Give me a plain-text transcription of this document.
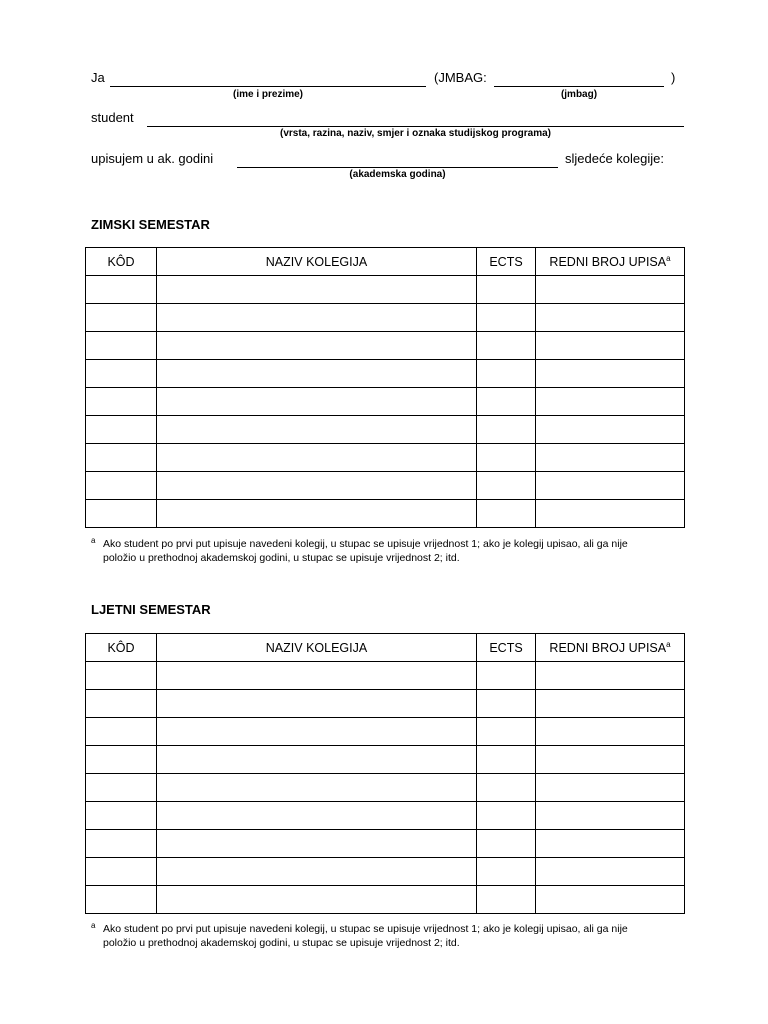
Ja	(JMBAG:	)
(ime i prezime)	(jmbag)
student
(vrsta, razina, naziv, smjer i oznaka studijskog programa)
upisujem u ak. godini	sljedeće kolegije:
(akademska godina)
ZIMSKI SEMESTAR
KÔD	NAZIV KOLEGIJA	ECTS	REDNI BROJ UPISA$^a$

a Ako student po prvi put upisuje navedeni kolegij, u stupac se upisuje vrijednost 1; ako je kolegij upisao, ali ga nije
položio u prethodnoj akademskoj godini, u stupac se upisuje vrijednost 2; itd.
LJETNI SEMESTAR
KÔD	NAZIV KOLEGIJA	ECTS	REDNI BROJ UPISA$^a$

a Ako student po prvi put upisuje navedeni kolegij, u stupac se upisuje vrijednost 1; ako je kolegij upisao, ali ga nije
položio u prethodnoj akademskoj godini, u stupac se upisuje vrijednost 2; itd.
